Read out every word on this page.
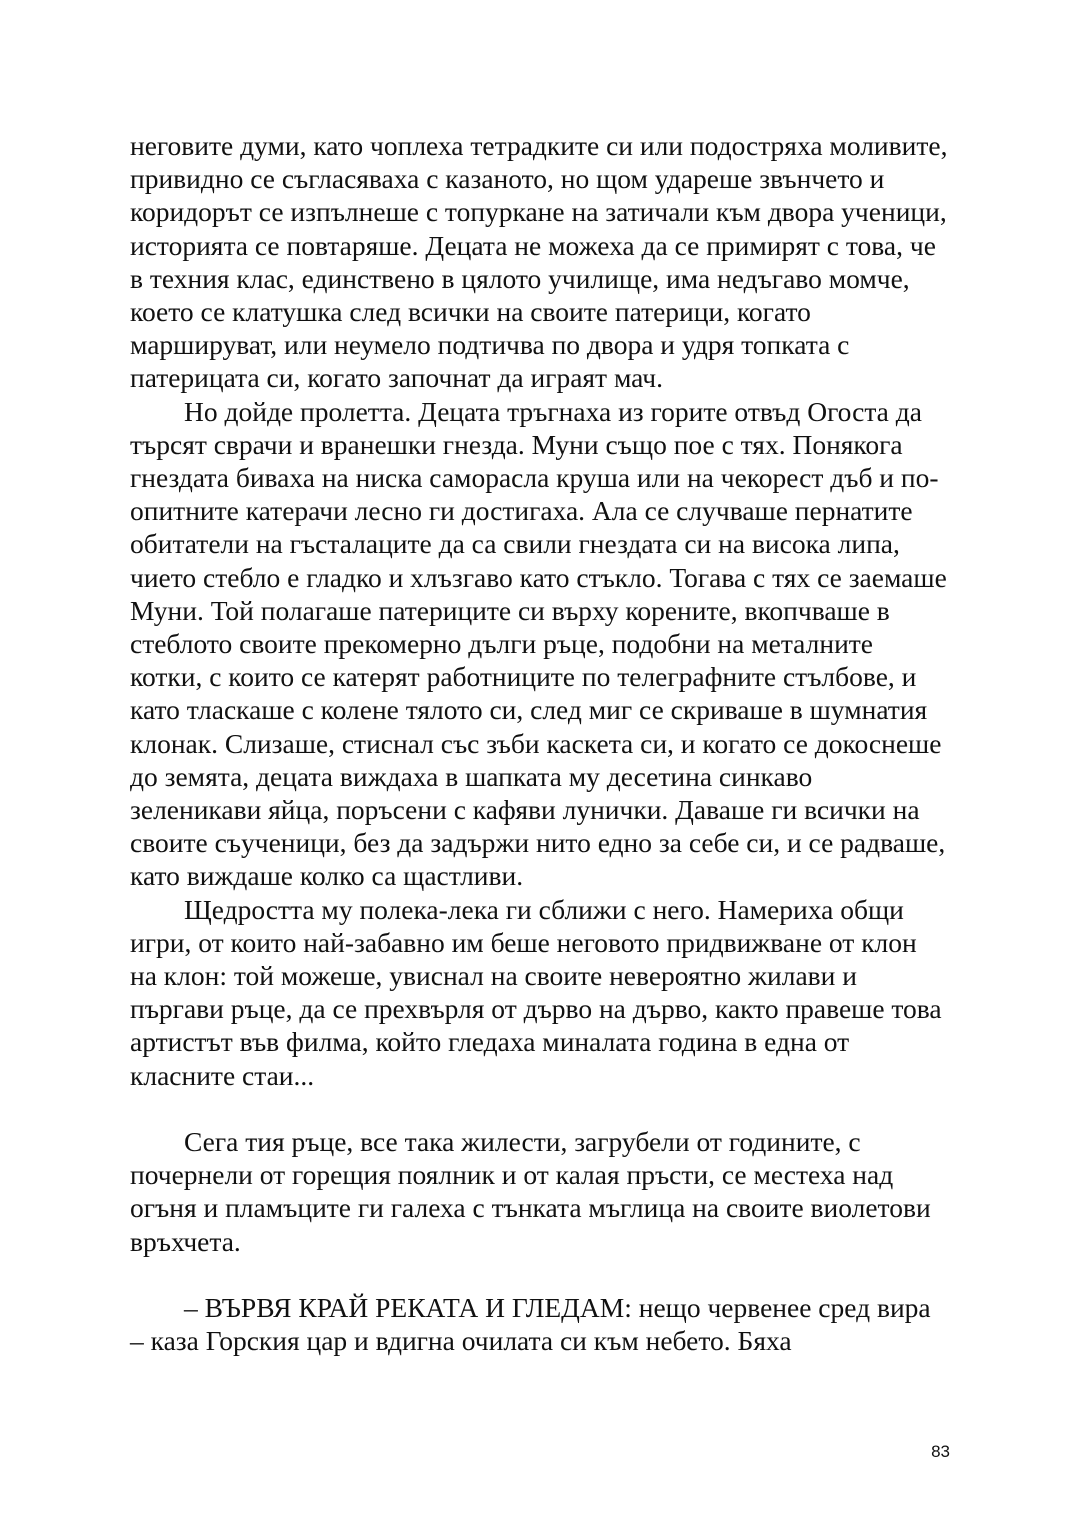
неговите думи, като чоплеха тетрадките си или подостряха моливите, привидно се съгласяваха с казаното, но щом удареше звънчето и коридорът се изпълнеше с топуркане на затичали към двора ученици, историята се повтаряше. Децата не можеха да се примирят с това, че в техния клас, единствено в цялото училище, има недъгаво момче, което се клатушка след всички на своите патерици, когато маршируват, или неумело подтичва по двора и удря топката с патерицата си, когато започнат да играят мач.

Но дойде пролетта. Децата тръгнаха из горите отвъд Огоста да търсят сврачи и вранешки гнезда. Муни също пое с тях. Понякога гнездата биваха на ниска саморасла круша или на чекорест дъб и по-опитните катерачи лесно ги достигаха. Ала се случваше пернатите обитатели на гъсталаците да са свили гнездата си на висока липа, чието стебло е гладко и хлъзгаво като стъкло. Тогава с тях се заемаше Муни. Той полагаше патериците си върху корените, вкопчваше в стеблото своите прекомерно дълги ръце, подобни на металните котки, с които се катерят работниците по телеграфните стълбове, и като тласкаше с колене тялото си, след миг се скриваше в шумнатия клонак. Слизаше, стиснал със зъби каскета си, и когато се докоснеше до земята, децата виждаха в шапката му десетина синкаво зеленикави яйца, поръсени с кафяви лунички. Даваше ги всички на своите съученици, без да задържи нито едно за себе си, и се радваше, като виждаше колко са щастливи.

Щедростта му полека-лека ги сближи с него. Намериха общи игри, от които най-забавно им беше неговото придвижване от клон на клон: той можеше, увиснал на своите невероятно жилави и пъргави ръце, да се прехвърля от дърво на дърво, както правеше това артистът във филма, който гледаха миналата година в една от класните стаи...

Сега тия ръце, все така жилести, загрубели от годините, с почернели от горещия поялник и от калая пръсти, се местеха над огъня и пламъците ги галеха с тънката мъглица на своите виолетови връхчета.

– ВЪРВЯ КРАЙ РЕКАТА И ГЛЕДАМ: нещо червенее сред вира – каза Горския цар и вдигна очилата си към небето. Бяха

83
